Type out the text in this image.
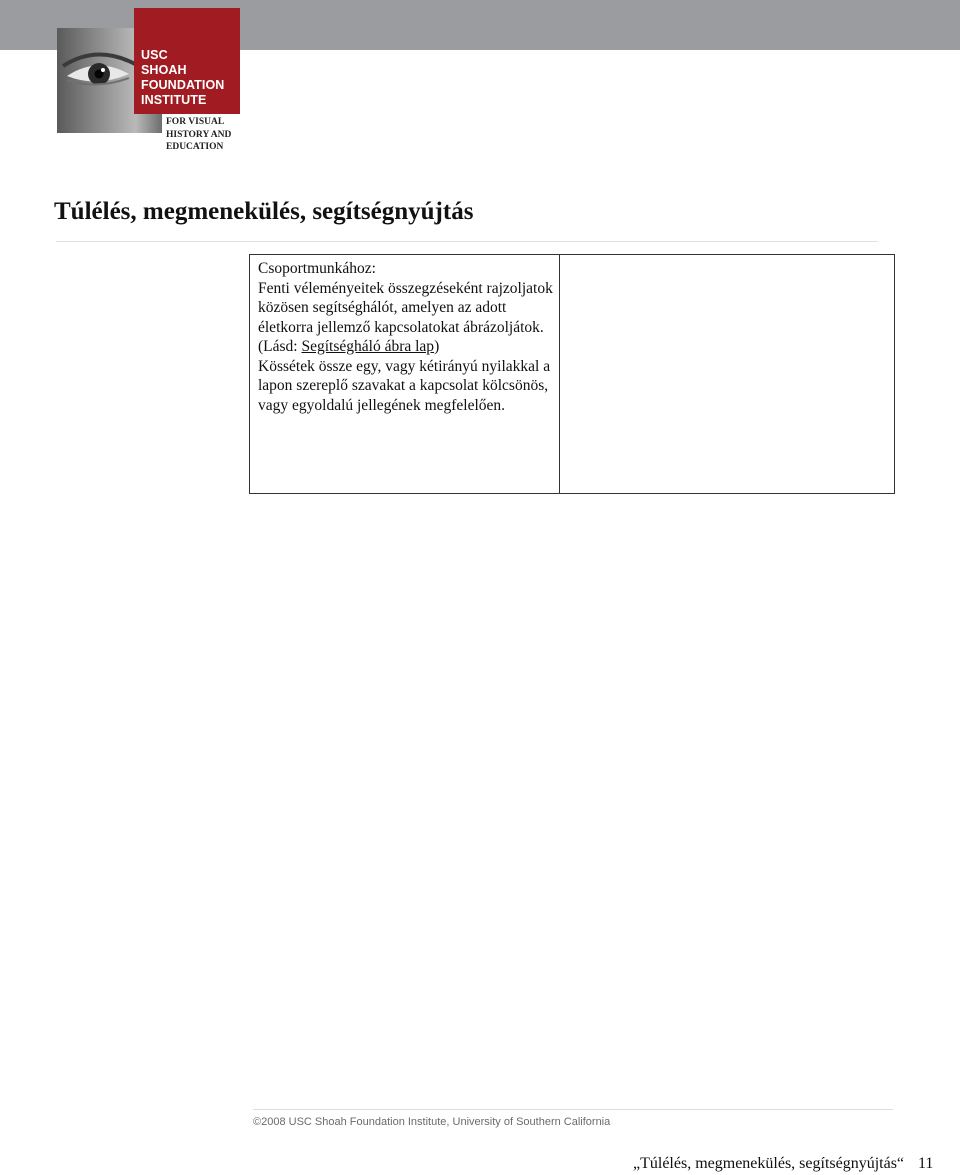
USC
SHOAH
FOUNDATION
INSTITUTE
FOR VISUAL
HISTORY AND
EDUCATION
Túlélés, megmenekülés, segítségnyújtás

Csoportmunkához:

Fenti véleményeitek összegzéseként rajzoljatok közösen segítséghálót, amelyen az adott életkorra jellemző kapcsolatokat ábrázoljátok. (Lásd: Segítségháló ábra lap)

Kössétek össze egy, vagy kétirányú nyilakkal a lapon szereplő szavakat a kapcsolat kölcsönös, vagy egyoldalú jellegének megfelelően.

©2008 USC Shoah Foundation Institute, University of Southern California
„Túlélés, megmenekülés, segítségnyújtás“ 11
